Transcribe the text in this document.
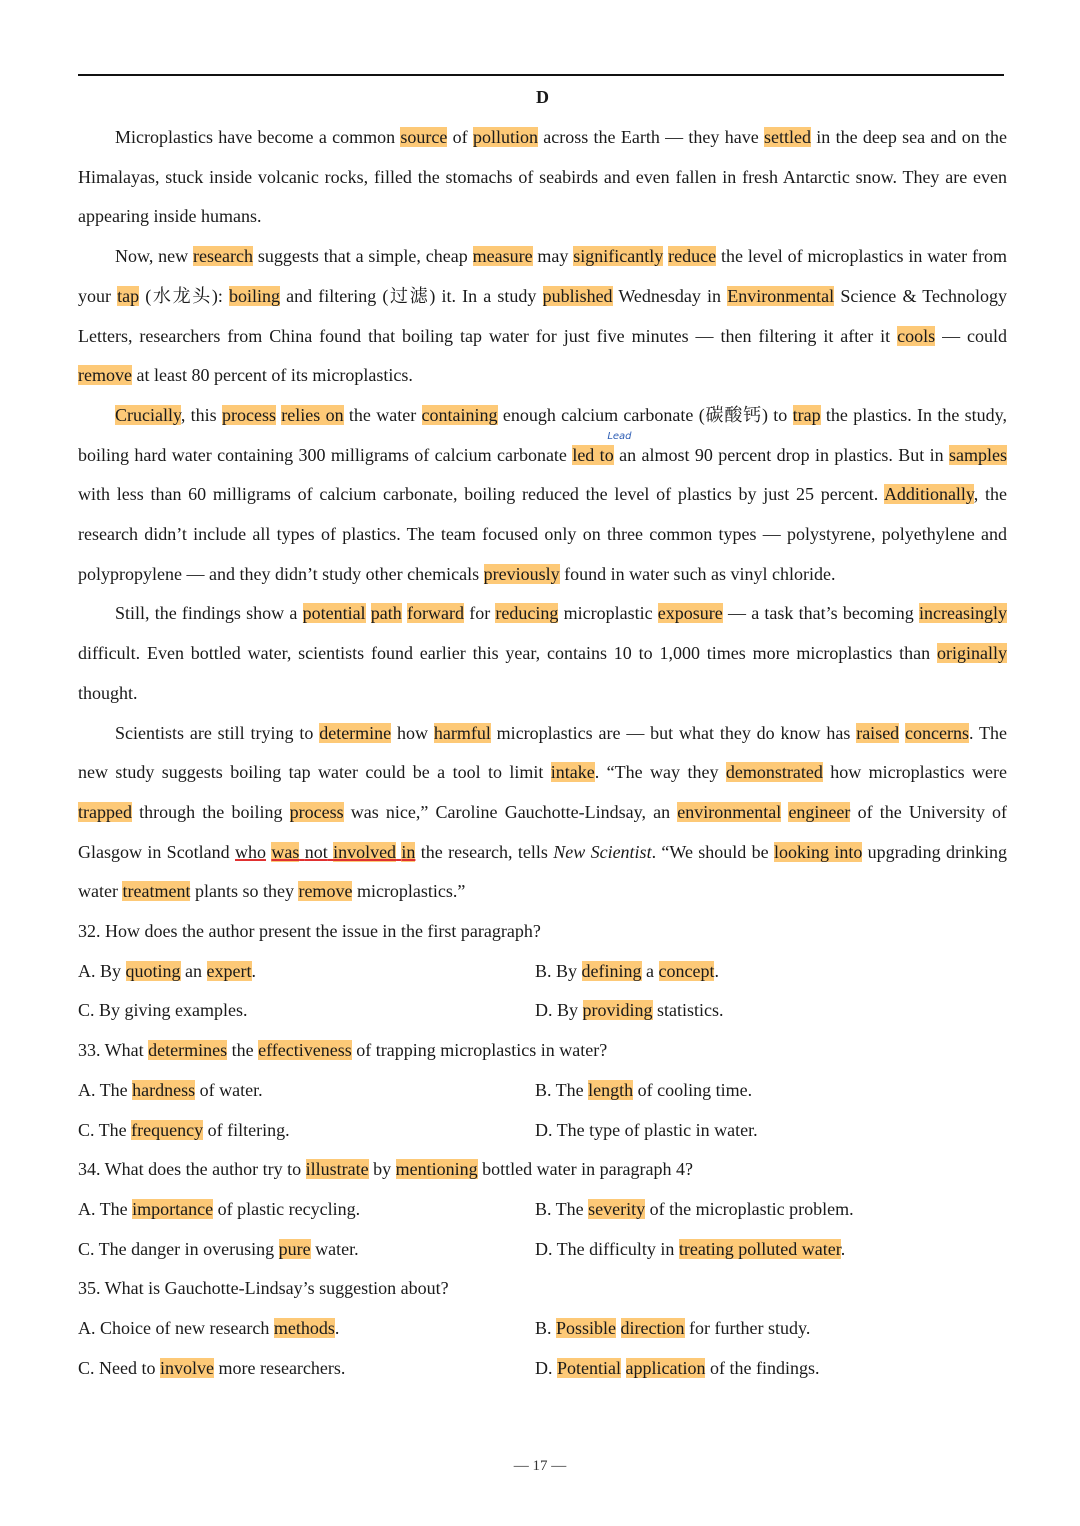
D

Microplastics have become a common source of pollution across the Earth — they have settled in the deep sea and on the Himalayas, stuck inside volcanic rocks, filled the stomachs of seabirds and even fallen in fresh Antarctic snow. They are even appearing inside humans.

Now, new research suggests that a simple, cheap measure may significantly reduce the level of microplastics in water from your tap (水龙头): boiling and filtering (过滤) it. In a study published Wednesday in Environmental Science & Technology Letters, researchers from China found that boiling tap water for just five minutes — then filtering it after it cools — could remove at least 80 percent of its microplastics.

Crucially, this process relies on the water containing enough calcium carbonate (碳酸钙) to trap the plastics. In the study, boiling hard water containing 300 milligrams of calcium carbonate
Lead
led to an almost 90 percent drop in plastics. But in samples with less than 60 milligrams of calcium carbonate, boiling reduced the level of plastics by just 25 percent. Additionally, the research didn’t include all types of plastics. The team focused only on three common types — polystyrene, polyethylene and polypropylene — and they didn’t study other chemicals previously found in water such as vinyl chloride.

Still, the findings show a potential path forward for reducing microplastic exposure — a task that’s becoming increasingly difficult. Even bottled water, scientists found earlier this year, contains 10 to 1,000 times more microplastics than originally thought.

Scientists are still trying to determine how harmful microplastics are — but what they do know has raised concerns. The new study suggests boiling tap water could be a tool to limit intake. “The way they demonstrated how microplastics were trapped through the boiling process was nice,” Caroline Gauchotte-Lindsay, an environmental engineer of the University of Glasgow in Scotland who was not involved in the research, tells New Scientist. “We should be looking into upgrading drinking water treatment plants so they remove microplastics.”

32. How does the author present the issue in the first paragraph?

A. By quoting an expert.	B. By defining a concept.
C. By giving examples.	D. By providing statistics.

33. What determines the effectiveness of trapping microplastics in water?

A. The hardness of water.	B. The length of cooling time.
C. The frequency of filtering.	D. The type of plastic in water.

34. What does the author try to illustrate by mentioning bottled water in paragraph 4?

A. The importance of plastic recycling.	B. The severity of the microplastic problem.
C. The danger in overusing pure water.	D. The difficulty in treating polluted water.

35. What is Gauchotte-Lindsay’s suggestion about?

A. Choice of new research methods.	B. Possible direction for further study.
C. Need to involve more researchers.	D. Potential application of the findings.
— 17 —
